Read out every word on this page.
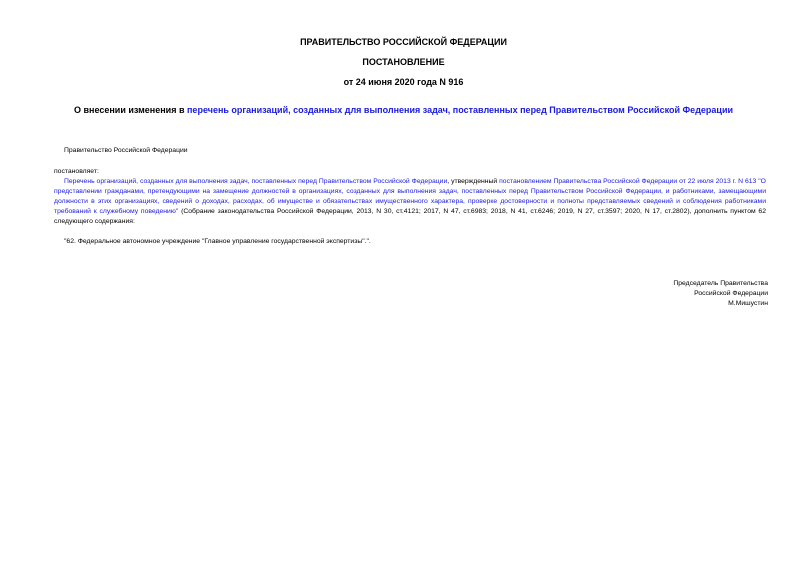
ПРАВИТЕЛЬСТВО РОССИЙСКОЙ ФЕДЕРАЦИИ
ПОСТАНОВЛЕНИЕ
от 24 июня 2020 года N 916
О внесении изменения в перечень организаций, созданных для выполнения задач, поставленных перед Правительством Российской Федерации
Правительство Российской Федерации
постановляет:
Перечень организаций, созданных для выполнения задач, поставленных перед Правительством Российской Федерации, утвержденный постановлением Правительства Российской Федерации от 22 июля 2013 г. N 613 "О представлении гражданами, претендующими на замещение должностей в организациях, созданных для выполнения задач, поставленных перед Правительством Российской Федерации, и работниками, замещающими должности в этих организациях, сведений о доходах, расходах, об имуществе и обязательствах имущественного характера, проверке достоверности и полноты представляемых сведений и соблюдения работниками требований к служебному поведению" (Собрание законодательства Российской Федерации, 2013, N 30, ст.4121; 2017, N 47, ст.6983; 2018, N 41, ст.6246; 2019, N 27, ст.3597; 2020, N 17, ст.2802), дополнить пунктом 62 следующего содержания:
"62. Федеральное автономное учреждение "Главное управление государственной экспертизы".".
Председатель Правительства
Российской Федерации
М.Мишустин
